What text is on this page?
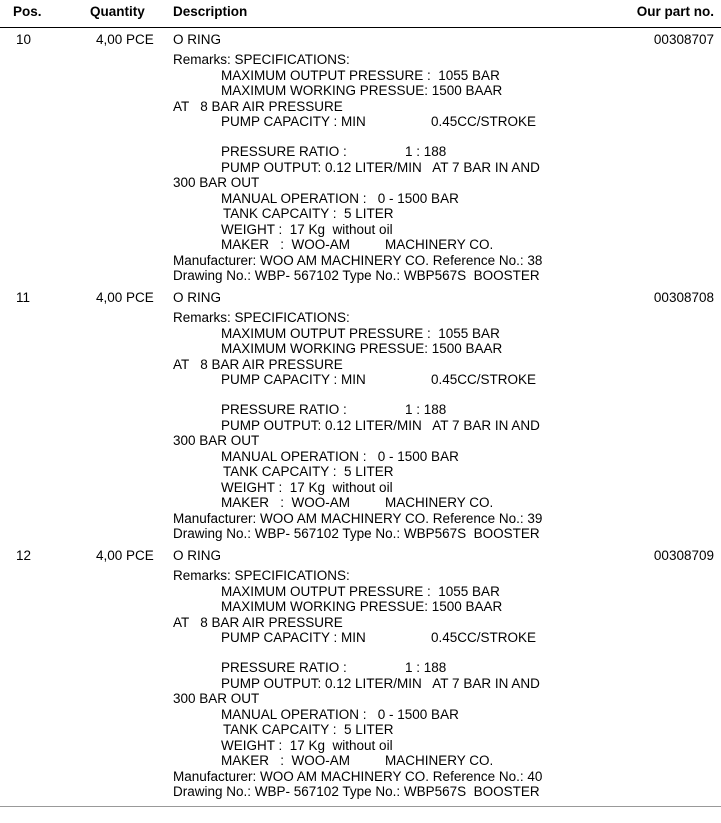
Pos.	Quantity Description	Our part no.
10	4,00 PCE O RING	00308707
Remarks: SPECIFICATIONS:
MAXIMUM OUTPUT PRESSURE :  1055 BAR
MAXIMUM WORKING PRESSUE: 1500 BAAR
AT   8 BAR AIR PRESSURE
PUMP CAPACITY : MIN	0.45CC/STROKE
PRESSURE RATIO :	1 : 188
PUMP OUTPUT: 0.12 LITER/MIN   AT 7 BAR IN AND
300 BAR OUT
MANUAL OPERATION :   0 - 1500 BAR
TANK CAPCAITY :  5 LITER
WEIGHT :  17 Kg  without oil
MAKER   :  WOO-AM	MACHINERY CO.
Manufacturer: WOO AM MACHINERY CO. Reference No.: 38
Drawing No.: WBP- 567102 Type No.: WBP567S  BOOSTER
11	4,00 PCE O RING	00308708
Remarks: SPECIFICATIONS:
MAXIMUM OUTPUT PRESSURE :  1055 BAR
MAXIMUM WORKING PRESSUE: 1500 BAAR
AT   8 BAR AIR PRESSURE
PUMP CAPACITY : MIN	0.45CC/STROKE
PRESSURE RATIO :	1 : 188
PUMP OUTPUT: 0.12 LITER/MIN   AT 7 BAR IN AND
300 BAR OUT
MANUAL OPERATION :   0 - 1500 BAR
TANK CAPCAITY :  5 LITER
WEIGHT :  17 Kg  without oil
MAKER   :  WOO-AM	MACHINERY CO.
Manufacturer: WOO AM MACHINERY CO. Reference No.: 39
Drawing No.: WBP- 567102 Type No.: WBP567S  BOOSTER
12	4,00 PCE O RING	00308709
Remarks: SPECIFICATIONS:
MAXIMUM OUTPUT PRESSURE :  1055 BAR
MAXIMUM WORKING PRESSUE: 1500 BAAR
AT   8 BAR AIR PRESSURE
PUMP CAPACITY : MIN	0.45CC/STROKE
PRESSURE RATIO :	1 : 188
PUMP OUTPUT: 0.12 LITER/MIN   AT 7 BAR IN AND
300 BAR OUT
MANUAL OPERATION :   0 - 1500 BAR
TANK CAPCAITY :  5 LITER
WEIGHT :  17 Kg  without oil
MAKER   :  WOO-AM	MACHINERY CO.
Manufacturer: WOO AM MACHINERY CO. Reference No.: 40
Drawing No.: WBP- 567102 Type No.: WBP567S  BOOSTER
